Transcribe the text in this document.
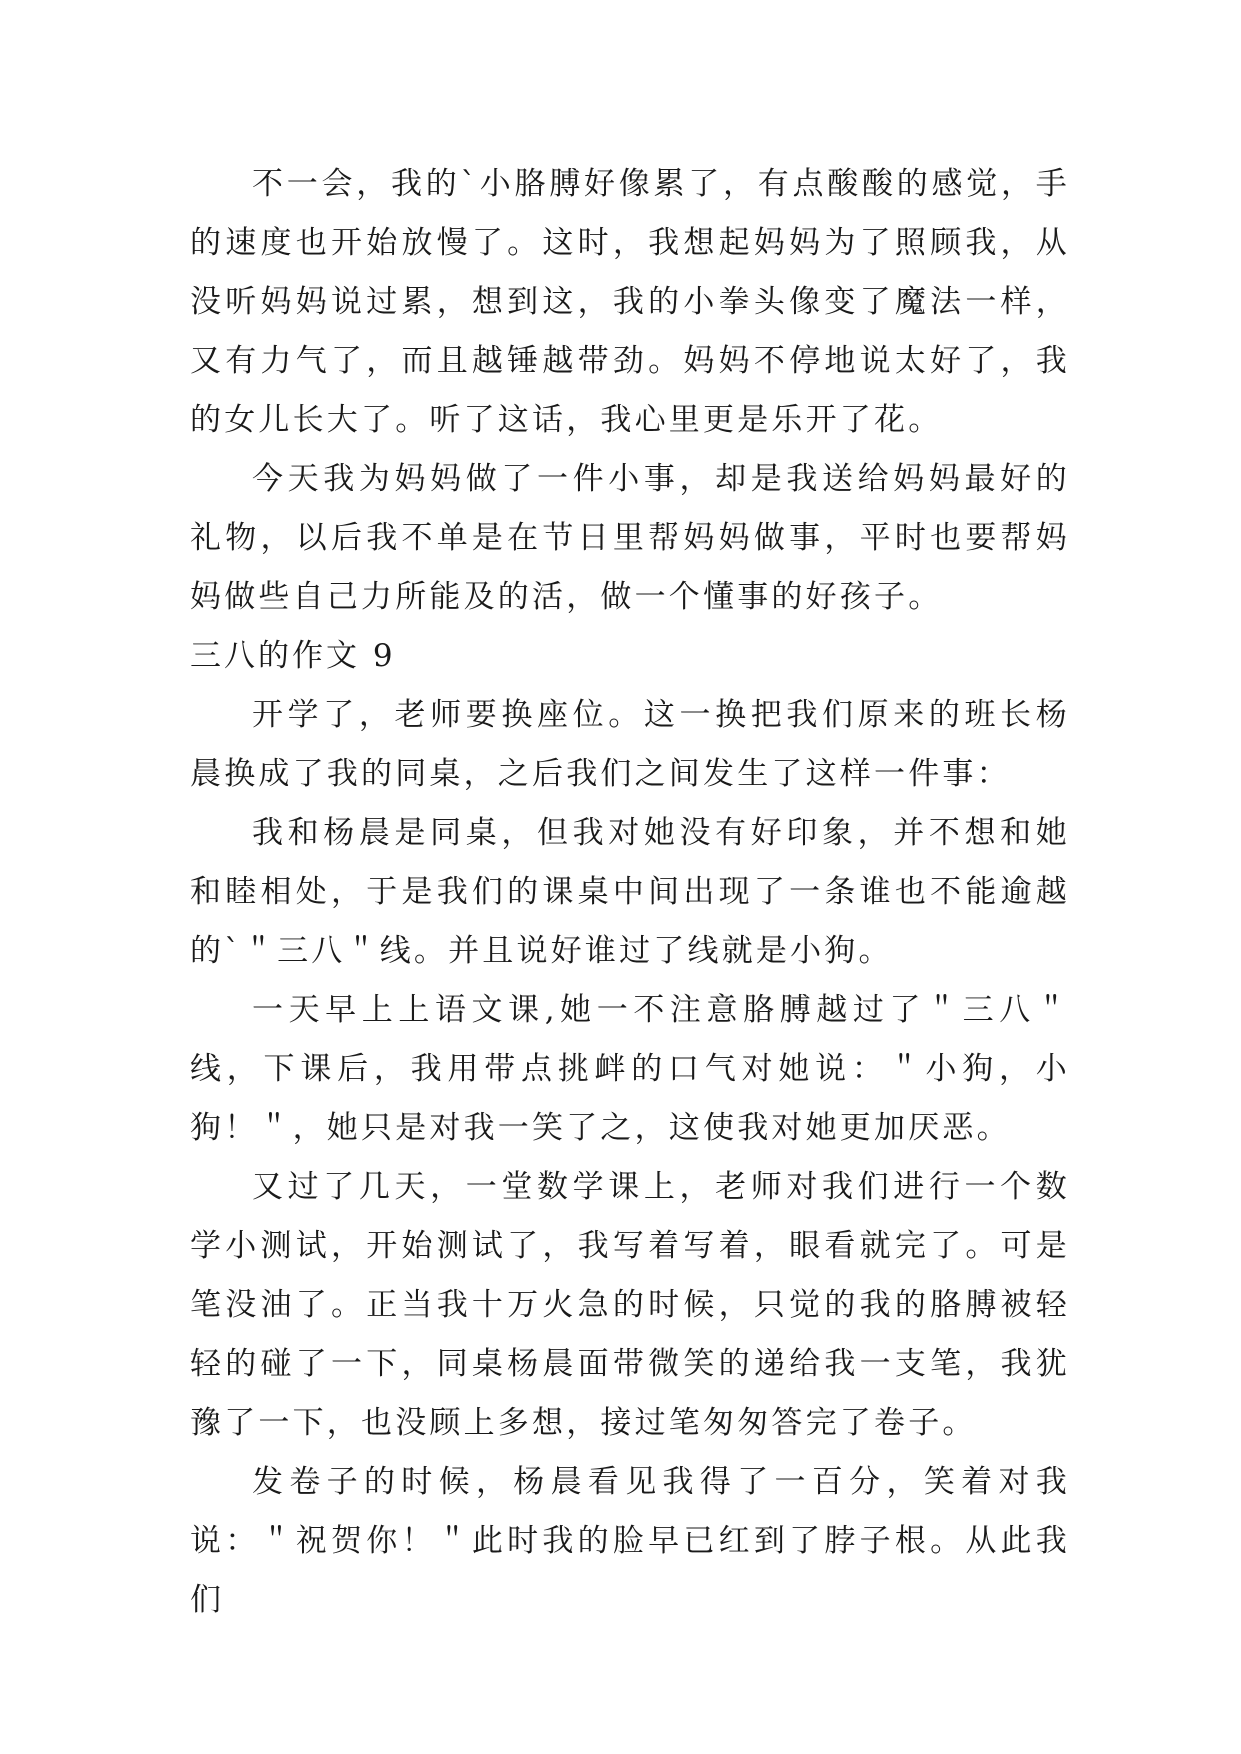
不一会，我的`小胳膊好像累了，有点酸酸的感觉，手的速度也开始放慢了。这时，我想起妈妈为了照顾我，从没听妈妈说过累，想到这，我的小拳头像变了魔法一样，又有力气了，而且越锤越带劲。妈妈不停地说太好了，我的女儿长大了。听了这话，我心里更是乐开了花。

今天我为妈妈做了一件小事，却是我送给妈妈最好的礼物，以后我不单是在节日里帮妈妈做事，平时也要帮妈妈做些自己力所能及的活，做一个懂事的好孩子。

三八的作文 9

开学了，老师要换座位。这一换把我们原来的班长杨晨换成了我的同桌，之后我们之间发生了这样一件事：

我和杨晨是同桌，但我对她没有好印象，并不想和她和睦相处，于是我们的课桌中间出现了一条谁也不能逾越的`＂三八＂线。并且说好谁过了线就是小狗。

一天早上上语文课,她一不注意胳膊越过了＂三八＂线，下课后，我用带点挑衅的口气对她说：＂小狗，小狗！＂，她只是对我一笑了之，这使我对她更加厌恶。

又过了几天，一堂数学课上，老师对我们进行一个数学小测试，开始测试了，我写着写着，眼看就完了。可是笔没油了。正当我十万火急的时候，只觉的我的胳膊被轻轻的碰了一下，同桌杨晨面带微笑的递给我一支笔，我犹豫了一下，也没顾上多想，接过笔匆匆答完了卷子。

发卷子的时候，杨晨看见我得了一百分，笑着对我说：＂祝贺你！＂此时我的脸早已红到了脖子根。从此我们
